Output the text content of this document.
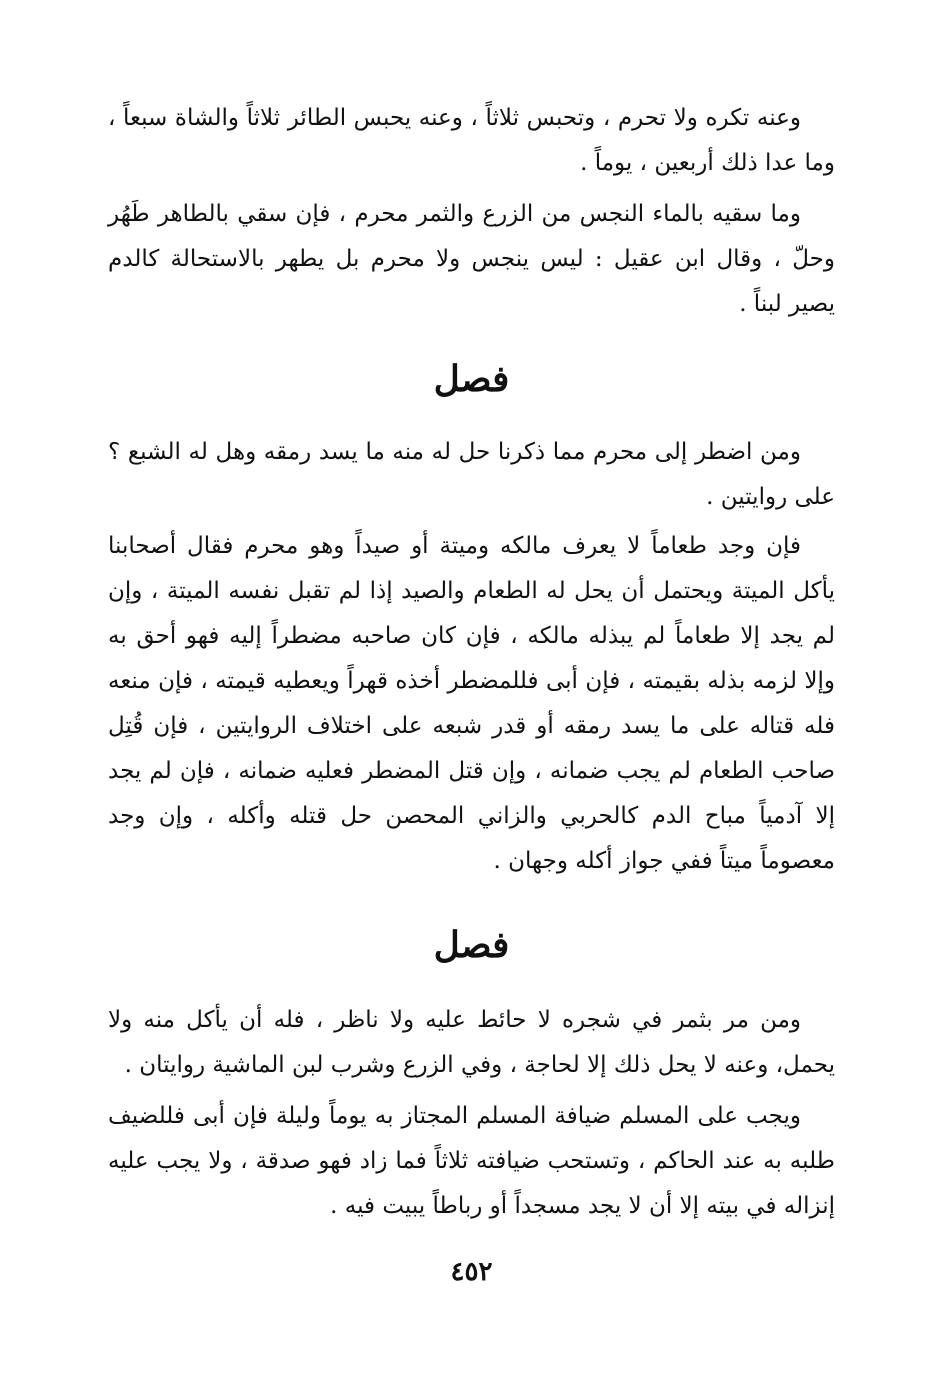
وعنه تكره ولا تحرم ، وتحبس ثلاثاً ، وعنه يحبس الطائر ثلاثاً والشاة سبعاً ، وما عدا ذلك أربعين ، يوماً .

وما سقيه بالماء النجس من الزرع والثمر محرم ، فإن سقي بالطاهر طَهُر وحلّ ، وقال ابن عقيل : ليس ينجس ولا محرم بل يطهر بالاستحالة كالدم يصير لبناً .

فصل

ومن اضطر إلى محرم مما ذكرنا حل له منه ما يسد رمقه وهل له الشبع ؟ على روايتين .

فإن وجد طعاماً لا يعرف مالكه وميتة أو صيداً وهو محرم فقال أصحابنا يأكل الميتة ويحتمل أن يحل له الطعام والصيد إذا لم تقبل نفسه الميتة ، وإن لم يجد إلا طعاماً لم يبذله مالكه ، فإن كان صاحبه مضطراً إليه فهو أحق به وإلا لزمه بذله بقيمته ، فإن أبى فللمضطر أخذه قهراً ويعطيه قيمته ، فإن منعه فله قتاله على ما يسد رمقه أو قدر شبعه على اختلاف الروايتين ، فإن قُتِل صاحب الطعام لم يجب ضمانه ، وإن قتل المضطر فعليه ضمانه ، فإن لم يجد إلا آدمياً مباح الدم كالحربي والزاني المحصن حل قتله وأكله ، وإن وجد معصوماً ميتاً ففي جواز أكله وجهان .

فصل

ومن مر بثمر في شجره لا حائط عليه ولا ناظر ، فله أن يأكل منه ولا يحمل، وعنه لا يحل ذلك إلا لحاجة ، وفي الزرع وشرب لبن الماشية روايتان .

ويجب على المسلم ضيافة المسلم المجتاز به يوماً وليلة فإن أبى فللضيف طلبه به عند الحاكم ، وتستحب ضيافته ثلاثاً فما زاد فهو صدقة ، ولا يجب عليه إنزاله في بيته إلا أن لا يجد مسجداً أو رباطاً يبيت فيه .

٤٥٢
